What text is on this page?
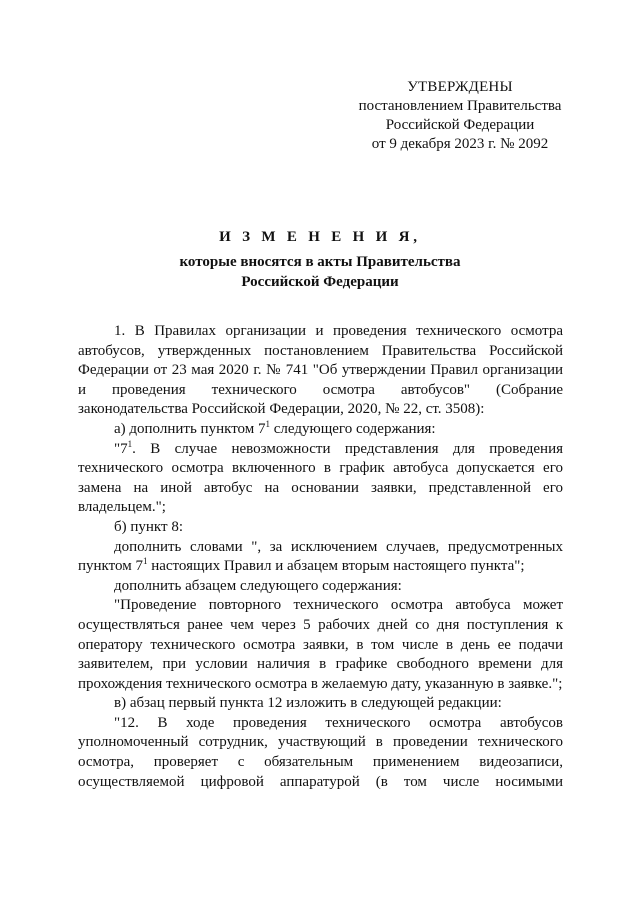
УТВЕРЖДЕНЫ
постановлением Правительства
Российской Федерации
от 9 декабря 2023 г. № 2092
И З М Е Н Е Н И Я,
которые вносятся в акты Правительства
Российской Федерации

1. В Правилах организации и проведения технического осмотра автобусов, утвержденных постановлением Правительства Российской Федерации от 23 мая 2020 г. № 741 "Об утверждении Правил организации и проведения технического осмотра автобусов" (Собрание законодательства Российской Федерации, 2020, № 22, ст. 3508):

а) дополнить пунктом $7^1$ следующего содержания:

"$7^1$. В случае невозможности представления для проведения технического осмотра включенного в график автобуса допускается его замена на иной автобус на основании заявки, представленной его владельцем.";

б) пункт 8:

дополнить словами ", за исключением случаев, предусмотренных пунктом $7^1$ настоящих Правил и абзацем вторым настоящего пункта";

дополнить абзацем следующего содержания:

"Проведение повторного технического осмотра автобуса может осуществляться ранее чем через 5 рабочих дней со дня поступления к оператору технического осмотра заявки, в том числе в день ее подачи заявителем, при условии наличия в графике свободного времени для прохождения технического осмотра в желаемую дату, указанную в заявке.";

в) абзац первый пункта 12 изложить в следующей редакции:

"12. В ходе проведения технического осмотра автобусов уполномоченный сотрудник, участвующий в проведении технического осмотра, проверяет с обязательным применением видеозаписи, осуществляемой цифровой аппаратурой (в том числе носимыми
